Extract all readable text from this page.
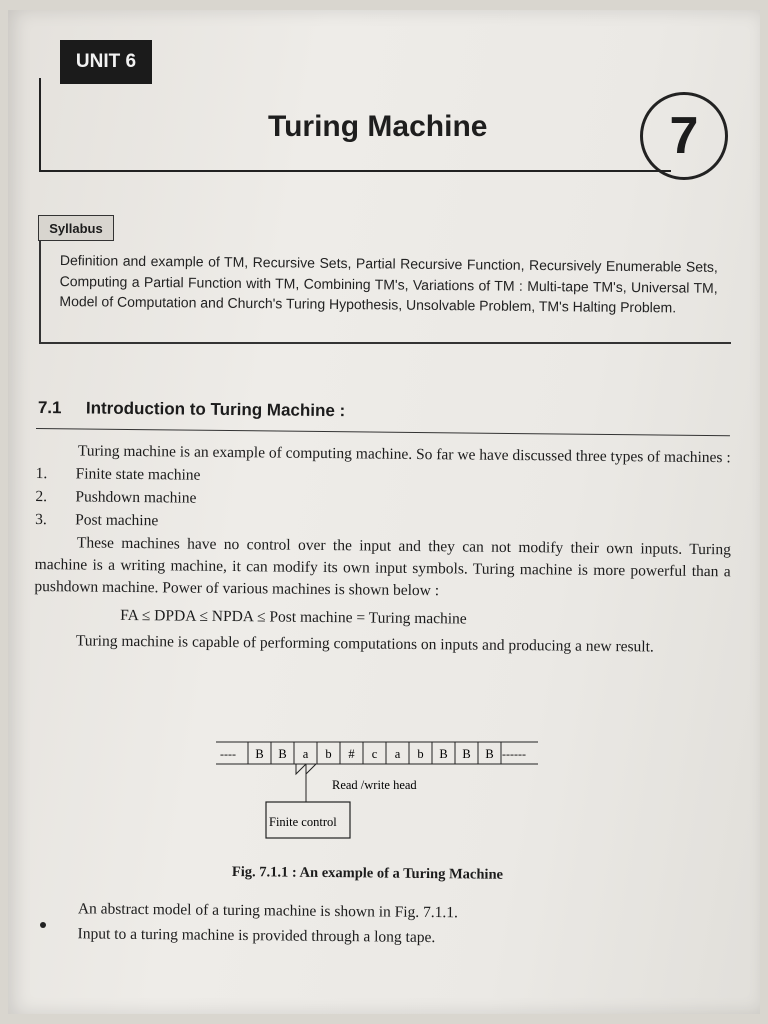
UNIT 6
Turing Machine	7
Syllabus
Definition and example of TM, Recursive Sets, Partial Recursive Function, Recursively Enumerable Sets, Computing a Partial Function with TM, Combining TM's, Variations of TM : Multi-tape TM's, Universal TM, Model of Computation and Church's Turing Hypothesis, Unsolvable Problem, TM's Halting Problem.
7.1 Introduction to Turing Machine :

Turing machine is an example of computing machine. So far we have discussed three types of machines :

1.	Finite state machine
2.	Pushdown machine
3.	Post machine

These machines have no control over the input and they can not modify their own inputs. Turing machine is a writing machine, it can modify its own input symbols. Turing machine is more powerful than a pushdown machine. Power of various machines is shown below :

FA ≤ DPDA ≤ NPDA ≤ Post machine = Turing machine

Turing machine is capable of performing computations on inputs and producing a new result.

---- B B a b # c a b B B B ------
Read /write head
Finite control
Fig. 7.1.1 : An example of a Turing Machine

An abstract model of a turing machine is shown in Fig. 7.1.1.

Input to a turing machine is provided through a long tape.
